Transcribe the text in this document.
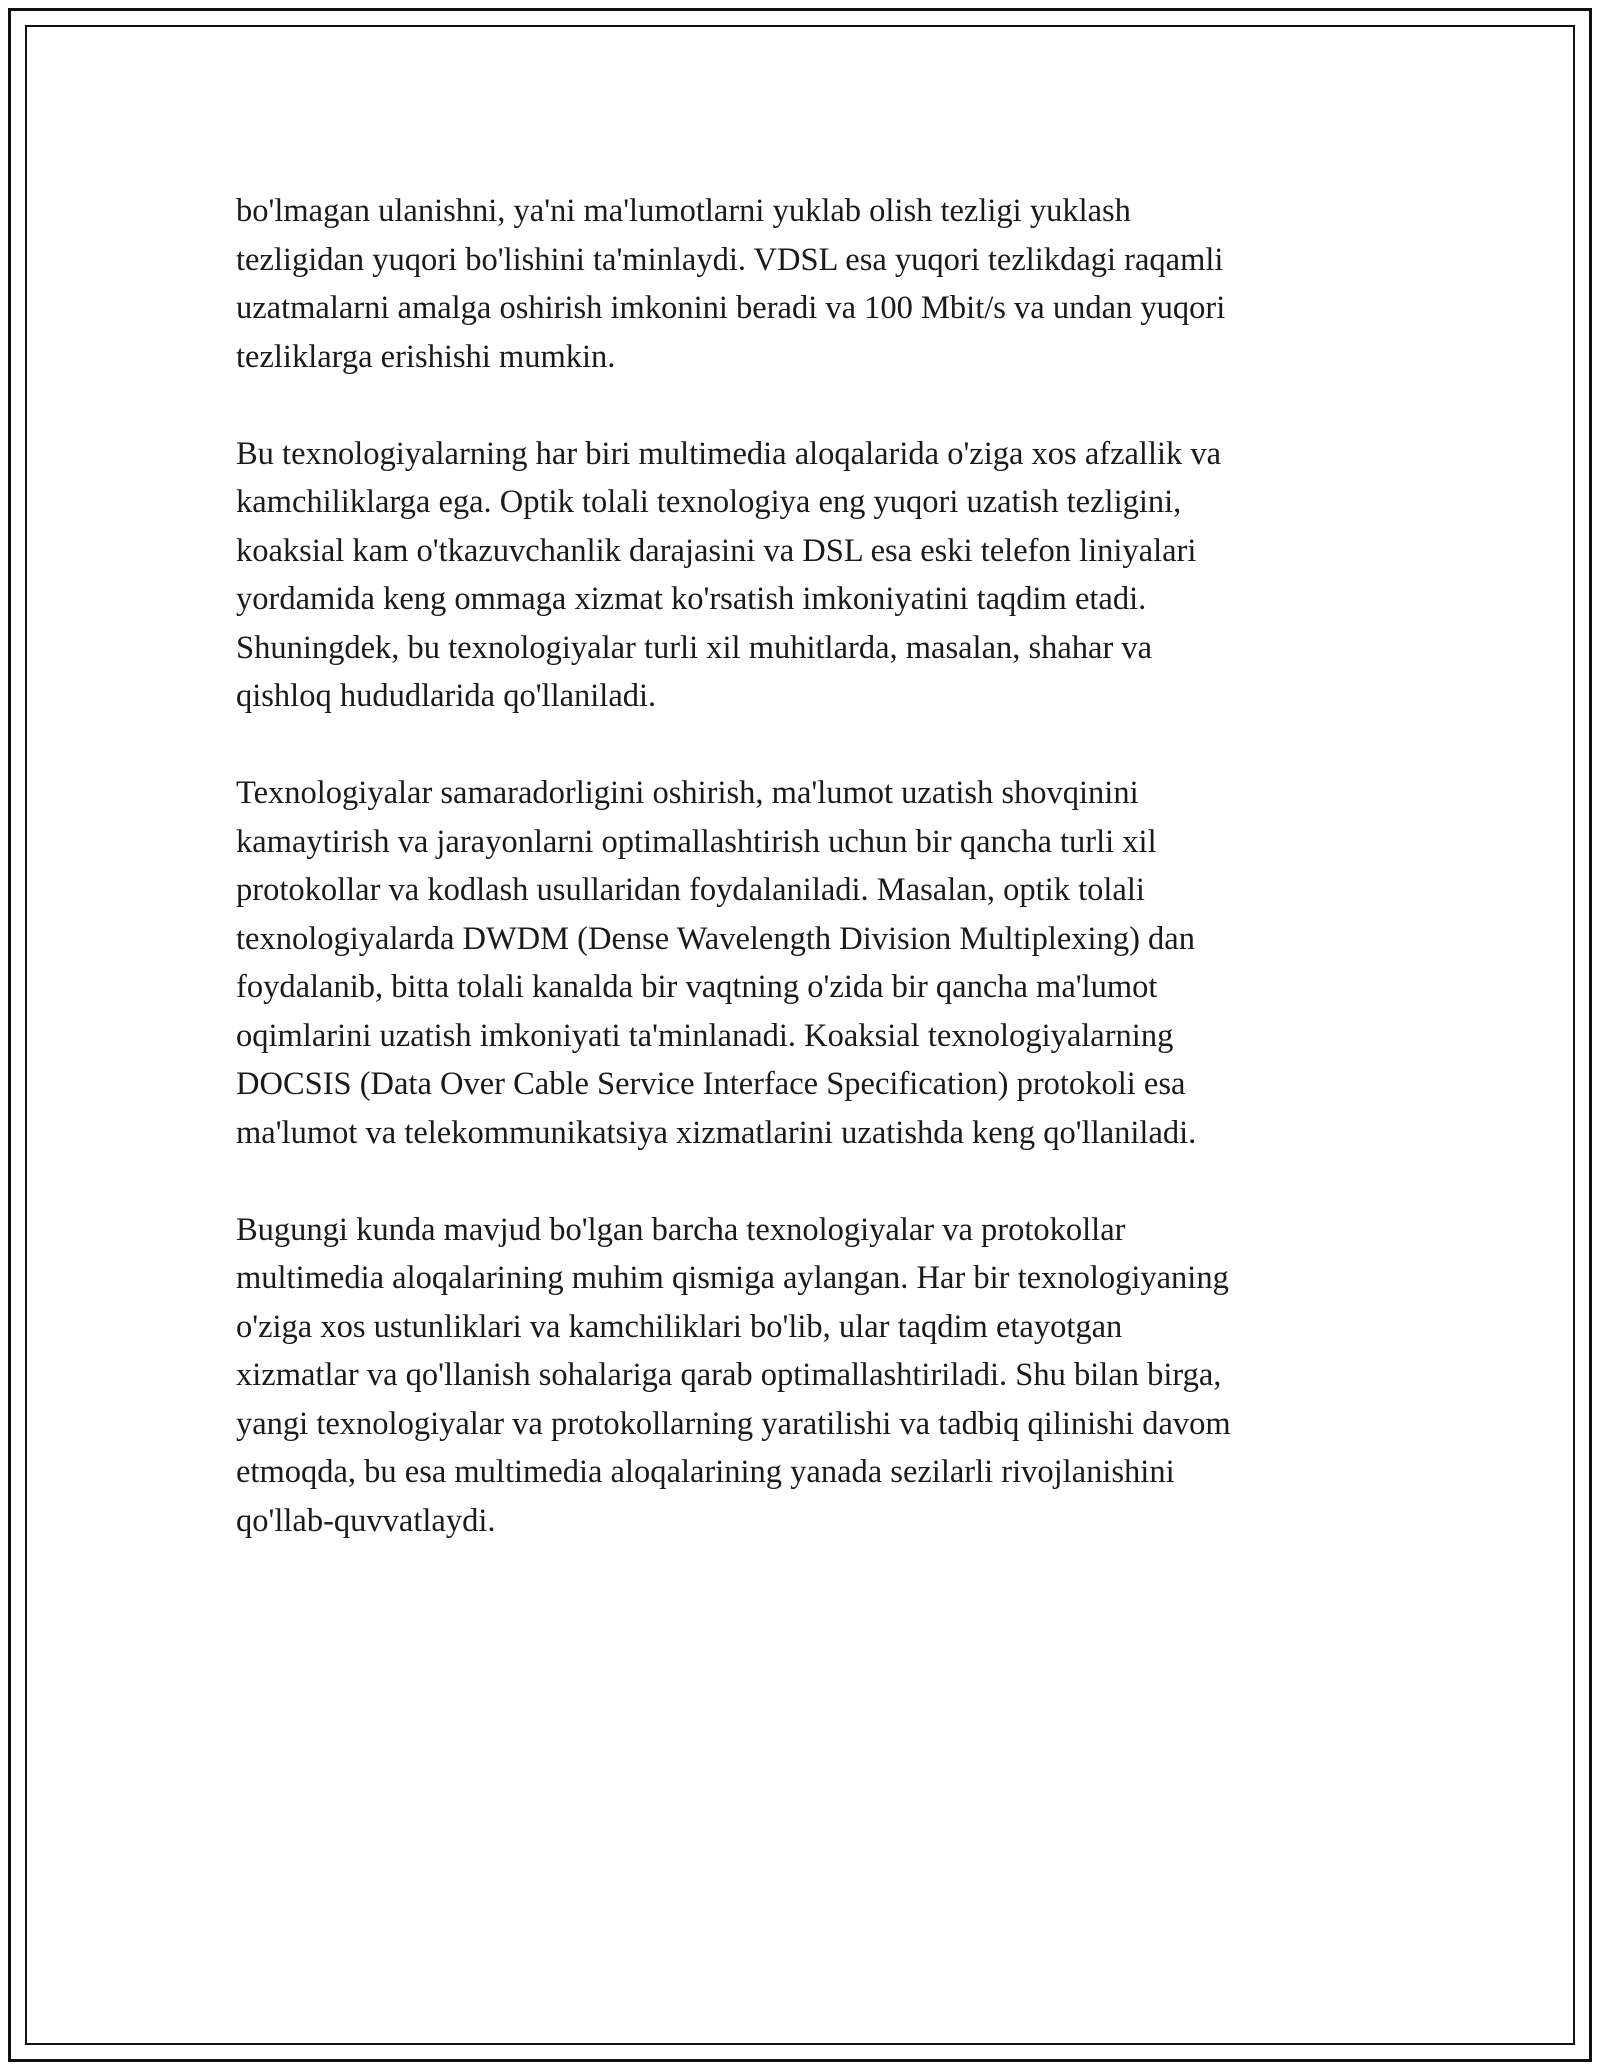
bo'lmagan ulanishni, ya'ni ma'lumotlarni yuklab olish tezligi yuklash
tezligidan yuqori bo'lishini ta'minlaydi. VDSL esa yuqori tezlikdagi raqamli
uzatmalarni amalga oshirish imkonini beradi va 100 Mbit/s va undan yuqori
tezliklarga erishishi mumkin.

Bu texnologiyalarning har biri multimedia aloqalarida o'ziga xos afzallik va
kamchiliklarga ega. Optik tolali texnologiya eng yuqori uzatish tezligini,
koaksial kam o'tkazuvchanlik darajasini va DSL esa eski telefon liniyalari
yordamida keng ommaga xizmat ko'rsatish imkoniyatini taqdim etadi.
Shuningdek, bu texnologiyalar turli xil muhitlarda, masalan, shahar va
qishloq hududlarida qo'llaniladi.

Texnologiyalar samaradorligini oshirish, ma'lumot uzatish shovqinini
kamaytirish va jarayonlarni optimallashtirish uchun bir qancha turli xil
protokollar va kodlash usullaridan foydalaniladi. Masalan, optik tolali
texnologiyalarda DWDM (Dense Wavelength Division Multiplexing) dan
foydalanib, bitta tolali kanalda bir vaqtning o'zida bir qancha ma'lumot
oqimlarini uzatish imkoniyati ta'minlanadi. Koaksial texnologiyalarning
DOCSIS (Data Over Cable Service Interface Specification) protokoli esa
ma'lumot va telekommunikatsiya xizmatlarini uzatishda keng qo'llaniladi.

Bugungi kunda mavjud bo'lgan barcha texnologiyalar va protokollar
multimedia aloqalarining muhim qismiga aylangan. Har bir texnologiyaning
o'ziga xos ustunliklari va kamchiliklari bo'lib, ular taqdim etayotgan
xizmatlar va qo'llanish sohalariga qarab optimallashtiriladi. Shu bilan birga,
yangi texnologiyalar va protokollarning yaratilishi va tadbiq qilinishi davom
etmoqda, bu esa multimedia aloqalarining yanada sezilarli rivojlanishini
qo'llab-quvvatlaydi.
